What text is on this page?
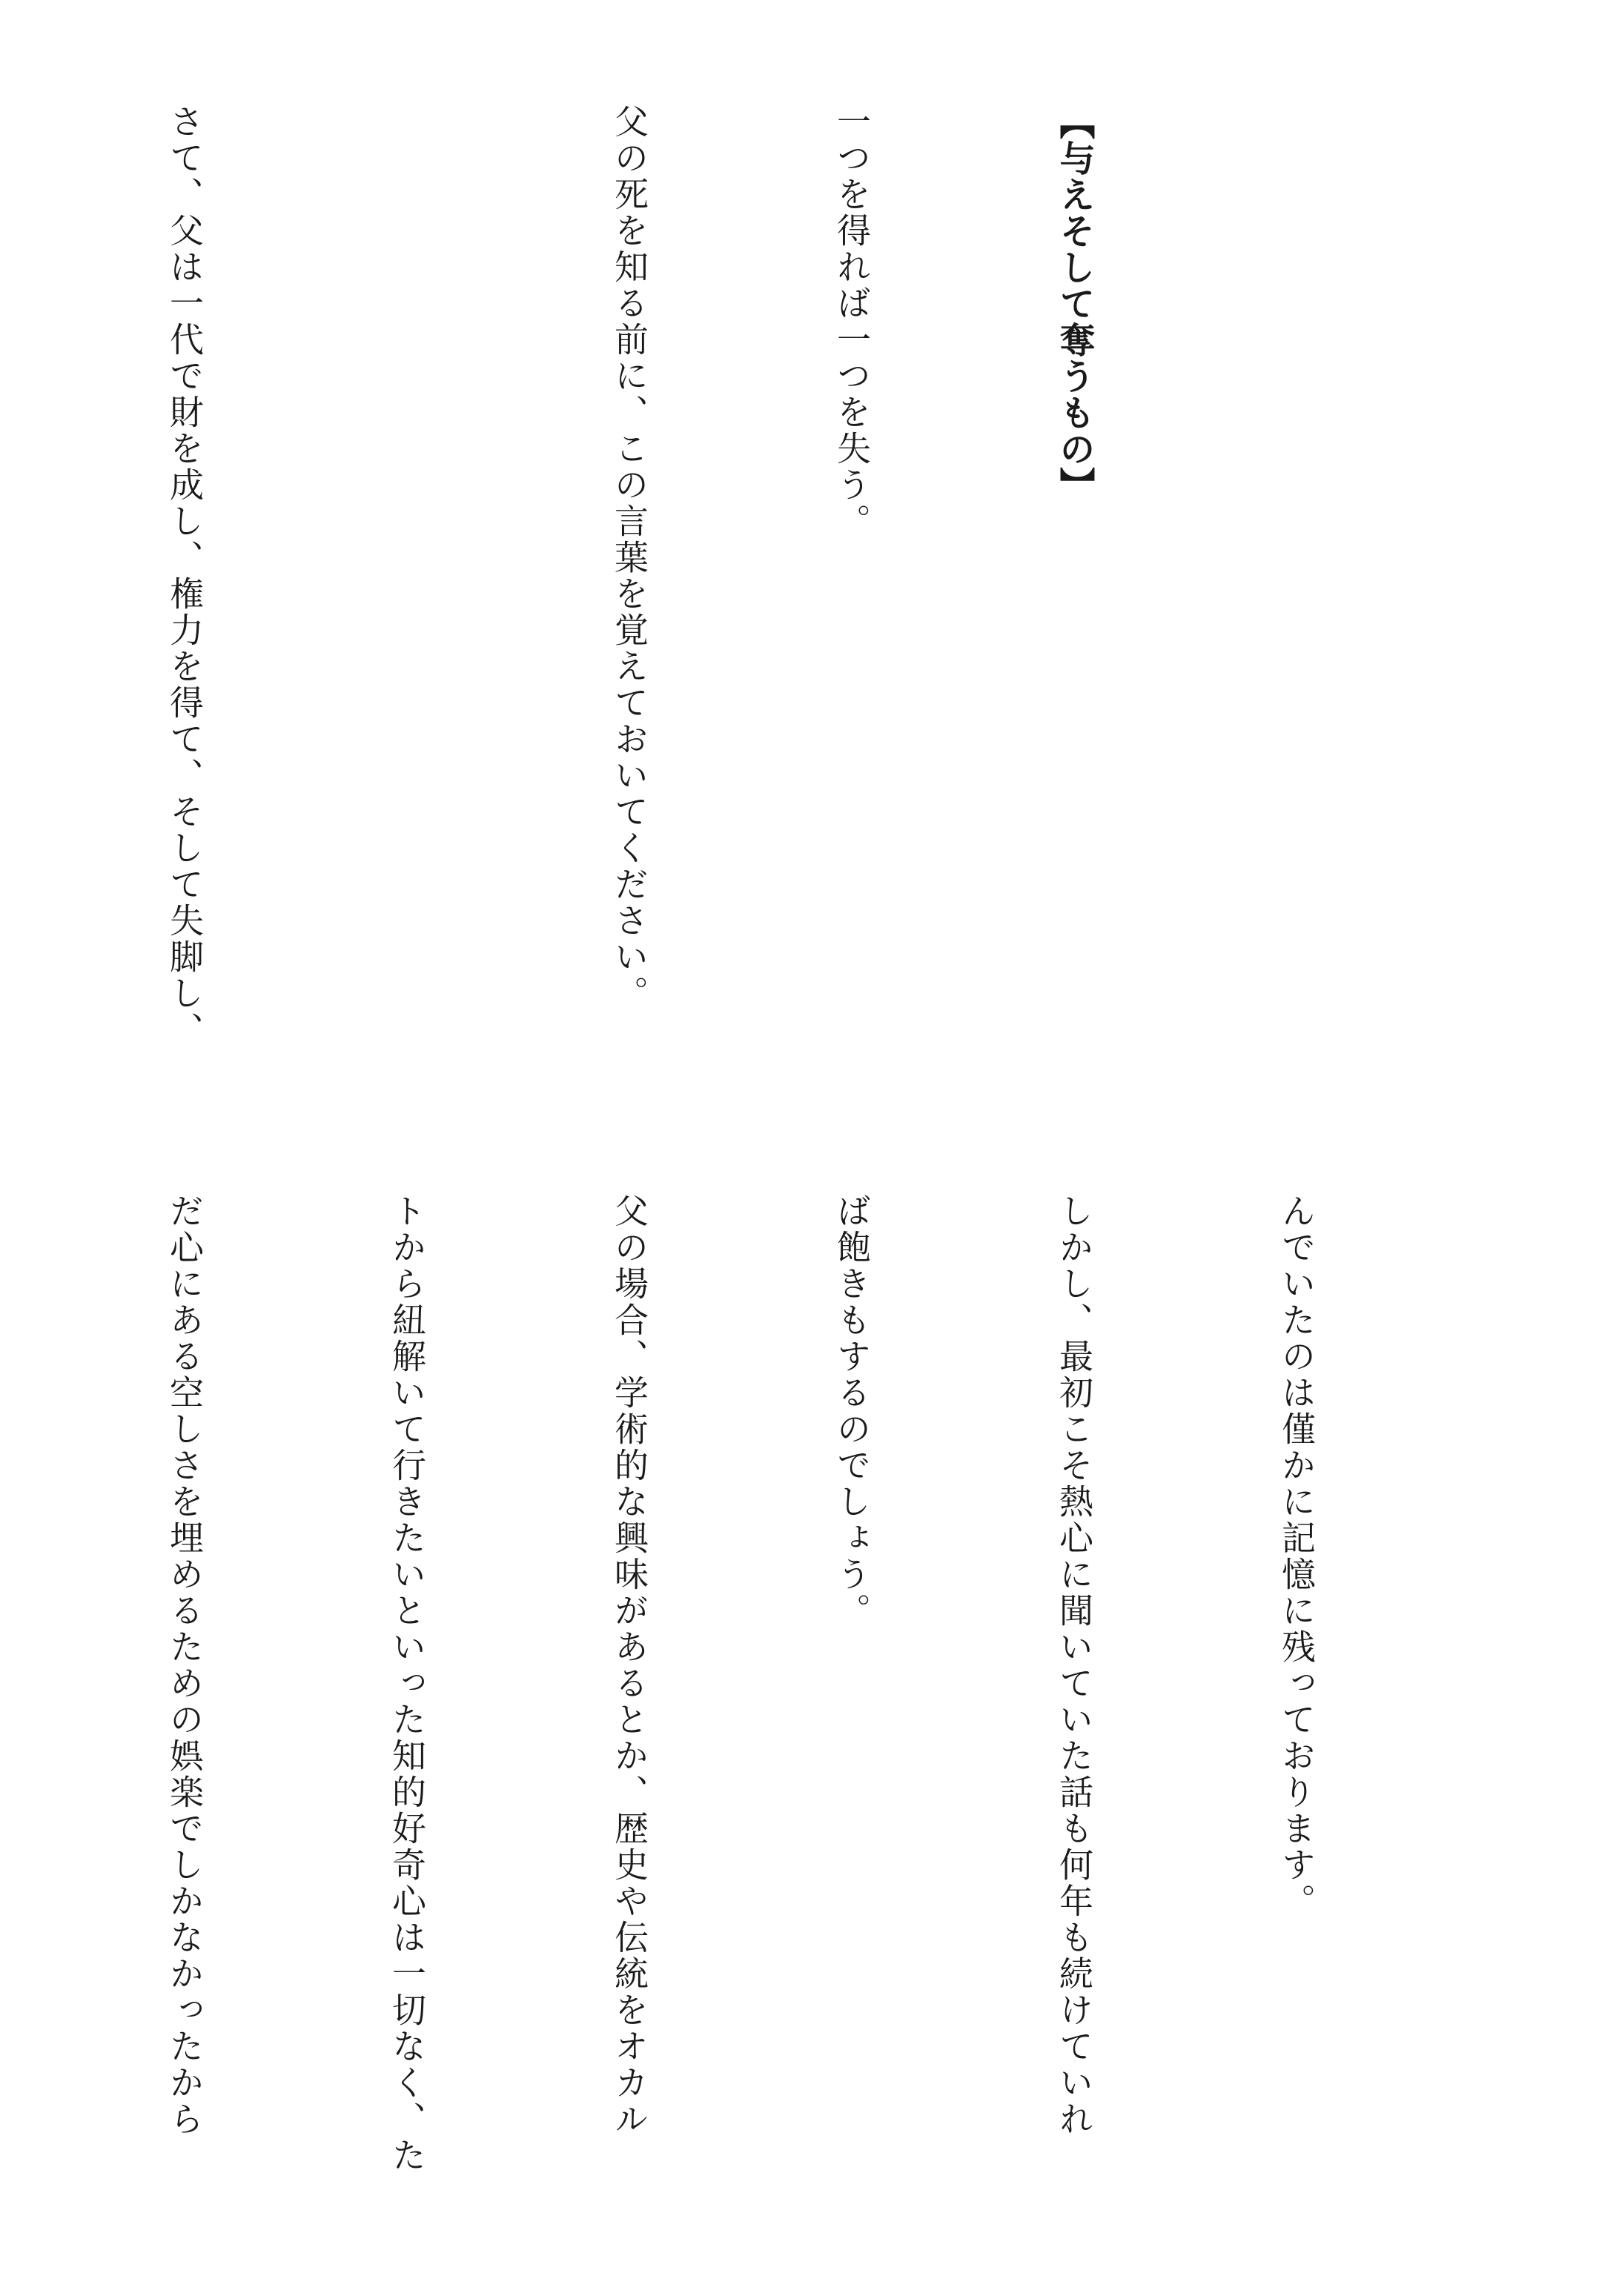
【与えそして奪うもの】

一つを得れば一つを失う。

父の死を知る前に、この言葉を覚えておいてください。

さて、父は一代で財を成し、権力を得て、そして失脚し、

んでいたのは僅かに記憶に残っております。

しかし、最初こそ熱心に聞いていた話も何年も続けていれ

ば飽きもするのでしょう。

父の場合、学術的な興味があるとか、歴史や伝統をオカル

トから紐解いて行きたいといった知的好奇心は一切なく、た

だ心にある空しさを埋めるための娯楽でしかなかったから
